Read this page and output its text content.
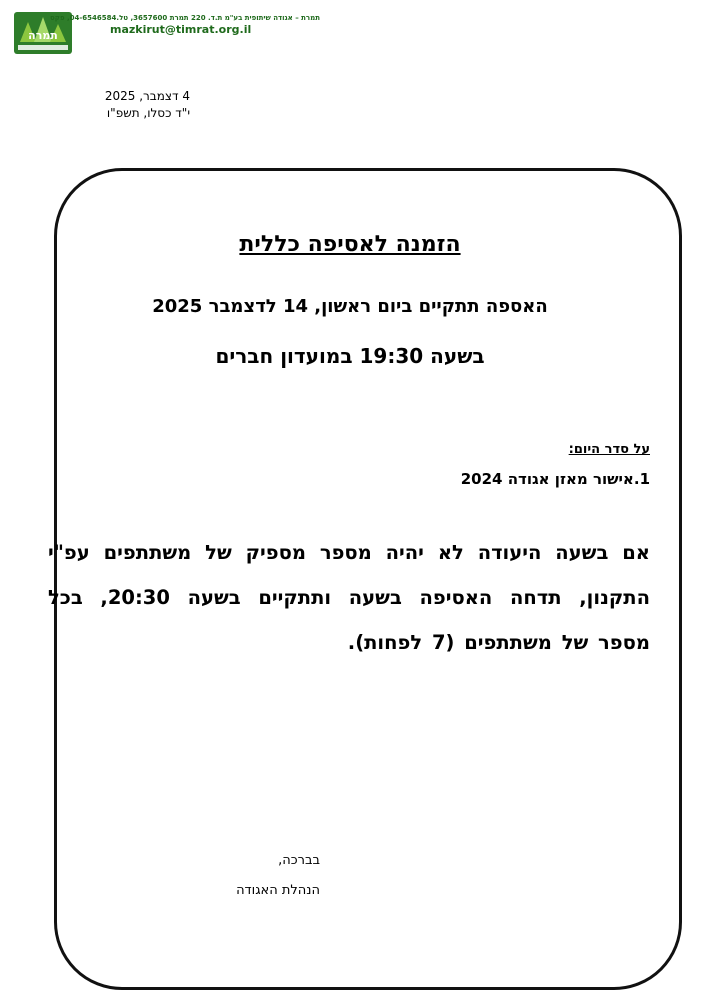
תמרה
תמרת – אגודה שיתופית בע"מ ת.ד. 220 תמרת 3657600, טל.04-6546584, פקס
mazkirut@timrat.org.il
4 דצמבר, 2025
י"ד כסלו, תשפ"ו
הזמנה לאסיפה כללית
האספה תתקיים ביום ראשון, 14 לדצמבר 2025
בשעה 19:30 במועדון חברים
על סדר היום:
1.אישור מאזן אגודה 2024
אם בשעה היעודה לא יהיה מספר מספיק של משתתפים עפ"י התקנון, תדחה האסיפה בשעה ותתקיים בשעה 20:30, בכל מספר של משתתפים (7 לפחות).
בברכה,
הנהלת האגודה
